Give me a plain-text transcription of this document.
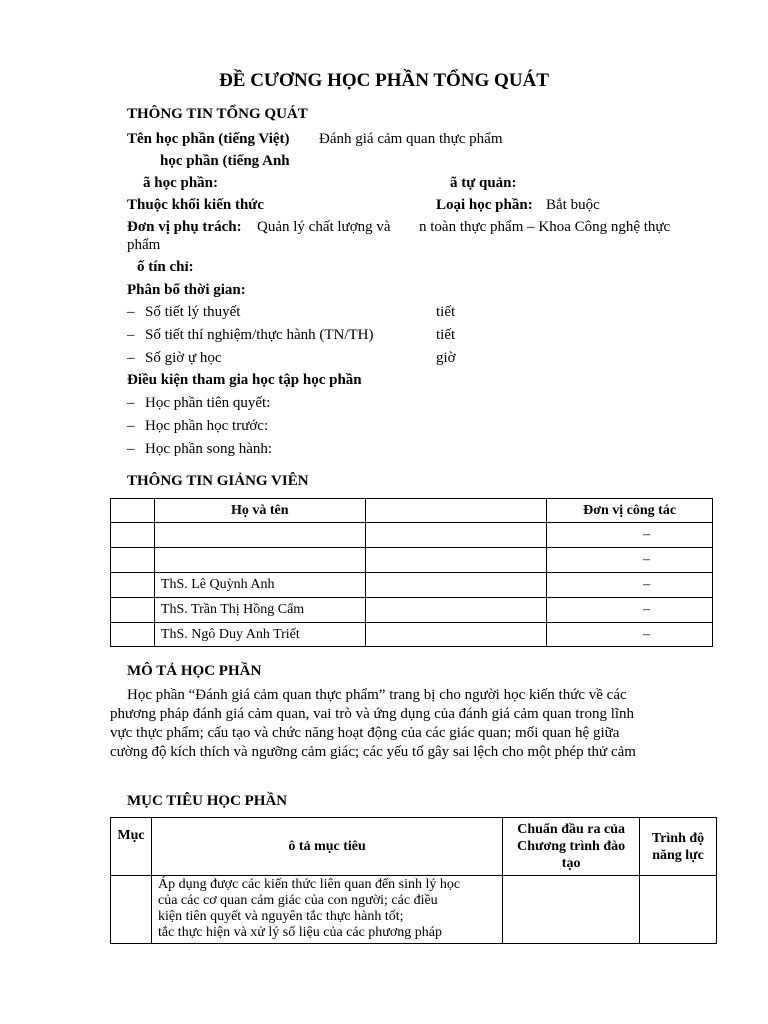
ĐỀ CƯƠNG HỌC PHẦN TỔNG QUÁT
THÔNG TIN TỔNG QUÁT
Tên học phần (tiếng Việt) Đánh giá cảm quan thực phẩm
học phần (tiếng Anh
ã học phần:	ã tự quản:
Thuộc khối kiến thức	Loại học phần: Bắt buộc
Đơn vị phụ trách: Quản lý chất lượng và n toàn thực phẩm – Khoa Công nghệ thực
phẩm
ố tín chỉ:
Phân bổ thời gian:
– Số tiết lý thuyết	tiết
– Số tiết thí nghiệm/thực hành (TN/TH)	tiết
– Số giờ ự học	giờ
Điều kiện tham gia học tập học phần
– Học phần tiên quyết:
– Học phần học trước:
– Học phần song hành:
THÔNG TIN GIẢNG VIÊN
	Họ và tên		Đơn vị công tác
			–
			–
	ThS. Lê Quỳnh Anh		–
	ThS. Trần Thị Hồng Cẩm		–
	ThS. Ngô Duy Anh Triết		–
MÔ TẢ HỌC PHẦN
Học phần “Đánh giá cảm quan thực phẩm” trang bị cho người học kiến thức về các
phương pháp đánh giá cảm quan, vai trò và ứng dụng của đánh giá cảm quan trong lĩnh
vực thực phẩm; cấu tạo và chức năng hoạt động của các giác quan; mối quan hệ giữa
cường độ kích thích và ngưỡng cảm giác; các yếu tố gây sai lệch cho một phép thử cảm
MỤC TIÊU HỌC PHẦN
Mục	ô tả mục tiêu	Chuẩn đầu ra của
Chương trình đào
tạo	Trình độ
năng lực

	Áp dụng được các kiến thức liên quan đến sinh lý học
của các cơ quan cảm giác của con người; các điều
kiện tiên quyết và nguyên tắc thực hành tốt;
tắc thực hiện và xử lý số liệu của các phương pháp		
